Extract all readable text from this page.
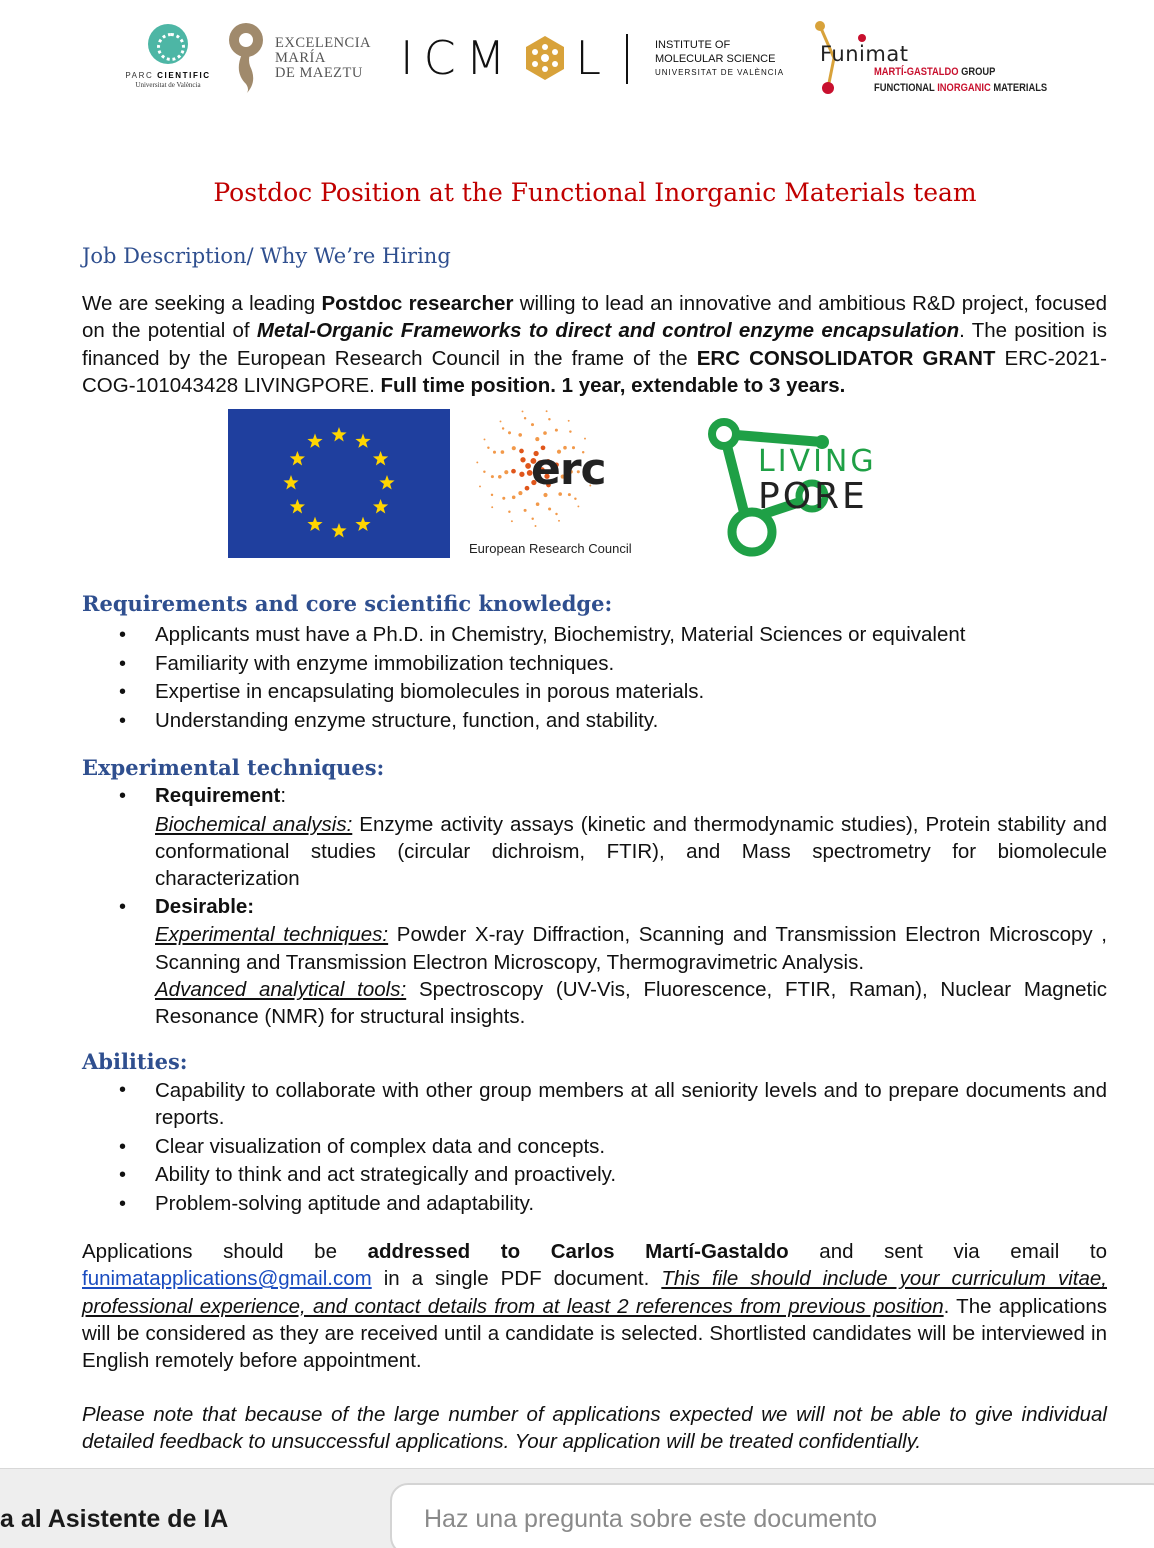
PARC CIENTIFIC
Universitat de València
EXCELENCIA
MARÍA
DE MAEZTU ICM L	INSTITUTE OF
MOLECULAR SCIENCE
UNIVERSITAT DE VALÈNCIA
Funimat
MARTÍ-GASTALDO GROUP
FUNCTIONAL INORGANIC MATERIALS
Postdoc Position at the Functional Inorganic Materials team
Job Description/ Why We’re Hiring
We are seeking a leading Postdoc researcher willing to lead an innovative and ambitious R&D project, focused on the potential of Metal-Organic Frameworks to direct and control enzyme encapsulation. The position is financed by the European Research Council in the frame of the ERC CONSOLIDATOR GRANT ERC-2021-COG-101043428 LIVINGPORE. Full time position. 1 year, extendable to 3 years.
erc
European Research Council
LIVING
PORE
Requirements and core scientific knowledge:
• Applicants must have a Ph.D. in Chemistry, Biochemistry, Material Sciences or equivalent
• Familiarity with enzyme immobilization techniques.
• Expertise in encapsulating biomolecules in porous materials.
• Understanding enzyme structure, function, and stability.
Experimental techniques:
• Requirement:
Biochemical analysis: Enzyme activity assays (kinetic and thermodynamic studies), Protein stability and conformational studies (circular dichroism, FTIR), and Mass spectrometry for biomolecule characterization
• Desirable:
Experimental techniques: Powder X-ray Diffraction, Scanning and Transmission Electron Microscopy , Scanning and Transmission Electron Microscopy, Thermogravimetric Analysis.
Advanced analytical tools: Spectroscopy (UV-Vis, Fluorescence, FTIR, Raman), Nuclear Magnetic Resonance (NMR) for structural insights.
Abilities:
• Capability to collaborate with other group members at all seniority levels and to prepare documents and reports.
• Clear visualization of complex data and concepts.
• Ability to think and act strategically and proactively.
• Problem-solving aptitude and adaptability.
Applications should be addressed to Carlos Martí-Gastaldo and sent via email to funimatapplications@gmail.com in a single PDF document. This file should include your curriculum vitae, professional experience, and contact details from at least 2 references from previous position. The applications will be considered as they are received until a candidate is selected. Shortlisted candidates will be interviewed in English remotely before appointment.
Please note that because of the large number of applications expected we will not be able to give individual detailed feedback to unsuccessful applications. Your application will be treated confidentially.
a al Asistente de IA	Haz una pregunta sobre este documento
